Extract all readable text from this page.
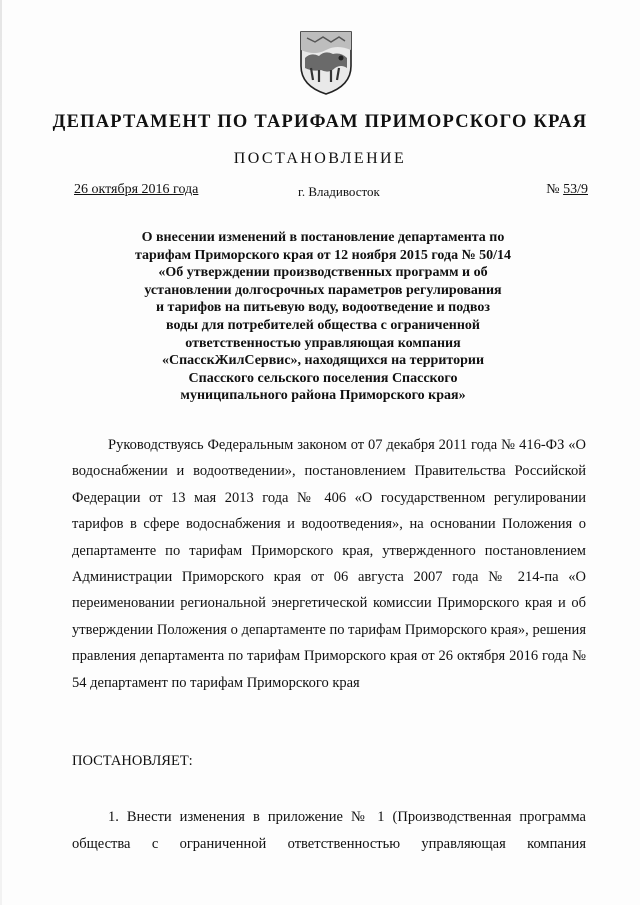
ДЕПАРТАМЕНТ ПО ТАРИФАМ ПРИМОРСКОГО КРАЯ
ПОСТАНОВЛЕНИЕ
26 октября 2016 года	г. Владивосток	№ 53/9
О внесении изменений в постановление департамента по
тарифам Приморского края от 12 ноября 2015 года № 50/14
«Об утверждении производственных программ и об
установлении долгосрочных параметров регулирования
и тарифов на питьевую воду, водоотведение и подвоз
воды для потребителей общества с ограниченной
ответственностью управляющая компания
«СпасскЖилСервис», находящихся на территории
Спасского сельского поселения Спасского
муниципального района Приморского края»
Руководствуясь Федеральным законом от 07 декабря 2011 года № 416-ФЗ «О водоснабжении и водоотведении», постановлением Правительства Российской Федерации от 13 мая 2013 года № 406 «О государственном регулировании тарифов в сфере водоснабжения и водоотведения», на основании Положения о департаменте по тарифам Приморского края, утвержденного постановлением Администрации Приморского края от 06 августа 2007 года № 214-па «О переименовании региональной энергетической комиссии Приморского края и об утверждении Положения о департаменте по тарифам Приморского края», решения правления департамента по тарифам Приморского края от 26 октября 2016 года № 54 департамент по тарифам Приморского края
ПОСТАНОВЛЯЕТ:
1. Внести изменения в приложение № 1 (Производственная программа общества с ограниченной ответственностью управляющая компания
